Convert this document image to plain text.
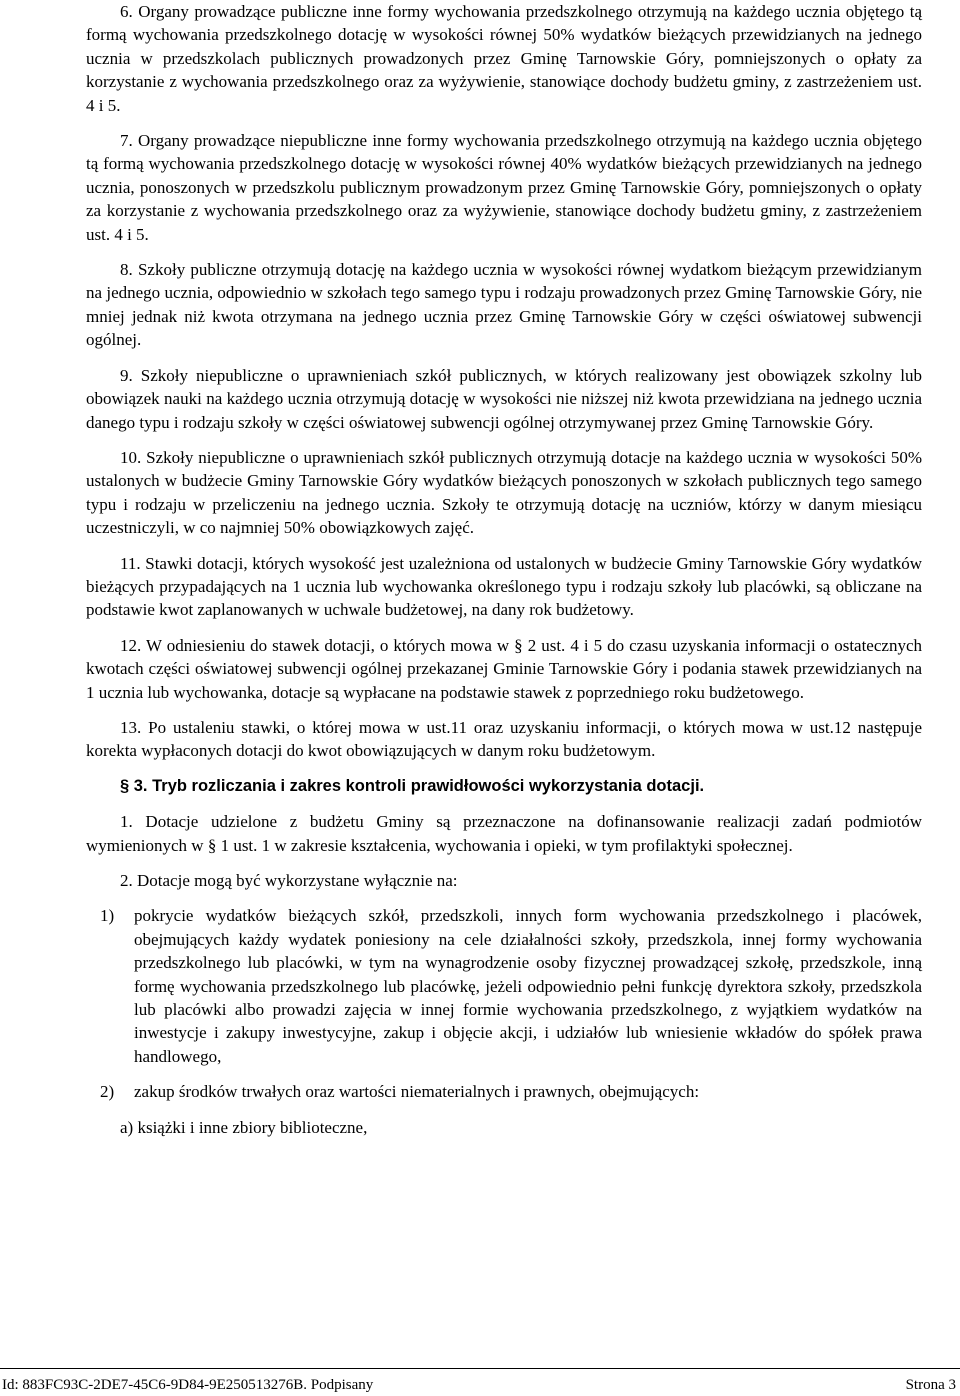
6. Organy prowadzące publiczne inne formy wychowania przedszkolnego otrzymują na każdego ucznia objętego tą formą wychowania przedszkolnego dotację w wysokości równej 50% wydatków bieżących przewidzianych na jednego ucznia w przedszkolach publicznych prowadzonych przez Gminę Tarnowskie Góry, pomniejszonych o opłaty za korzystanie z wychowania przedszkolnego oraz za wyżywienie, stanowiące dochody budżetu gminy, z zastrzeżeniem ust. 4 i 5.

7. Organy prowadzące niepubliczne inne formy wychowania przedszkolnego otrzymują na każdego ucznia objętego tą formą wychowania przedszkolnego dotację w wysokości równej 40% wydatków bieżących przewidzianych na jednego ucznia, ponoszonych w przedszkolu publicznym prowadzonym przez Gminę Tarnowskie Góry, pomniejszonych o opłaty za korzystanie z wychowania przedszkolnego oraz za wyżywienie, stanowiące dochody budżetu gminy, z zastrzeżeniem ust. 4 i 5.

8. Szkoły publiczne otrzymują dotację na każdego ucznia w wysokości równej wydatkom bieżącym przewidzianym na jednego ucznia, odpowiednio w szkołach tego samego typu i rodzaju prowadzonych przez Gminę Tarnowskie Góry, nie mniej jednak niż kwota otrzymana na jednego ucznia przez Gminę Tarnowskie Góry w części oświatowej subwencji ogólnej.

9. Szkoły niepubliczne o uprawnieniach szkół publicznych, w których realizowany jest obowiązek szkolny lub obowiązek nauki na każdego ucznia otrzymują dotację w wysokości nie niższej niż kwota przewidziana na jednego ucznia danego typu i rodzaju szkoły w części oświatowej subwencji ogólnej otrzymywanej przez Gminę Tarnowskie Góry.

10. Szkoły niepubliczne o uprawnieniach szkół publicznych otrzymują dotacje na każdego ucznia w wysokości 50% ustalonych w budżecie Gminy Tarnowskie Góry wydatków bieżących ponoszonych w szkołach publicznych tego samego typu i rodzaju w przeliczeniu na jednego ucznia. Szkoły te otrzymują dotację na uczniów, którzy w danym miesiącu uczestniczyli, w co najmniej 50% obowiązkowych zajęć.

11. Stawki dotacji, których wysokość jest uzależniona od ustalonych w budżecie Gminy Tarnowskie Góry wydatków bieżących przypadających na 1 ucznia lub wychowanka określonego typu i rodzaju szkoły lub placówki, są obliczane na podstawie kwot zaplanowanych w uchwale budżetowej, na dany rok budżetowy.

12. W odniesieniu do stawek dotacji, o których mowa w § 2 ust. 4 i 5 do czasu uzyskania informacji o ostatecznych kwotach części oświatowej subwencji ogólnej przekazanej Gminie Tarnowskie Góry i podania stawek przewidzianych na 1 ucznia lub wychowanka, dotacje są wypłacane na podstawie stawek z poprzedniego roku budżetowego.

13. Po ustaleniu stawki, o której mowa w ust.11 oraz uzyskaniu informacji, o których mowa w ust.12 następuje korekta wypłaconych dotacji do kwot obowiązujących w danym roku budżetowym.

§ 3. Tryb rozliczania i zakres kontroli prawidłowości wykorzystania dotacji.

1. Dotacje udzielone z budżetu Gminy są przeznaczone na dofinansowanie realizacji zadań podmiotów wymienionych w § 1 ust. 1 w zakresie kształcenia, wychowania i opieki, w tym profilaktyki społecznej.

2. Dotacje mogą być wykorzystane wyłącznie na:

1)	pokrycie wydatków bieżących szkół, przedszkoli, innych form wychowania przedszkolnego i placówek, obejmujących każdy wydatek poniesiony na cele działalności szkoły, przedszkola, innej formy wychowania przedszkolnego lub placówki, w tym na wynagrodzenie osoby fizycznej prowadzącej szkołę, przedszkole, inną formę wychowania przedszkolnego lub placówkę, jeżeli odpowiednio pełni funkcję dyrektora szkoły, przedszkola lub placówki albo prowadzi zajęcia w innej formie wychowania przedszkolnego, z wyjątkiem wydatków na inwestycje i zakupy inwestycyjne, zakup i objęcie akcji, i udziałów lub wniesienie wkładów do spółek prawa handlowego,
2)	zakup środków trwałych oraz wartości niematerialnych i prawnych, obejmujących:

a) książki i inne zbiory biblioteczne,

Id: 883FC93C-2DE7-45C6-9D84-9E250513276B. Podpisany	Strona 3
